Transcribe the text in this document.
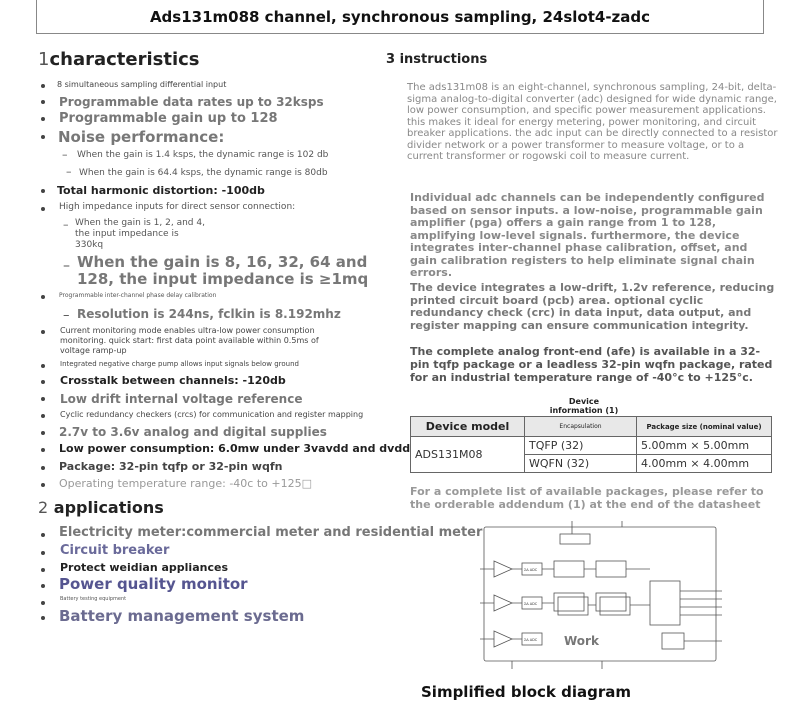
Ads131m088 channel, synchronous sampling, 24slot4-zadc
1characteristics
8 simultaneous sampling differential input
Programmable data rates up to 32ksps
Programmable gain up to 128
Noise performance:
– When the gain is 1.4 ksps, the dynamic range is 102 db
– When the gain is 64.4 ksps, the dynamic range is 80db
Total harmonic distortion: -100db
High impedance inputs for direct sensor connection:
– When the gain is 1, 2, and 4,
the input impedance is
330kq
– When the gain is 8, 16, 32, 64 and
128, the input impedance is ≥1mq
Programmable inter-channel phase delay calibration
– Resolution is 244ns, fclkin is 8.192mhz
Current monitoring mode enables ultra-low power consumption
monitoring. quick start: first data point available within 0.5ms of
voltage ramp-up
Integrated negative charge pump allows input signals below ground
Crosstalk between channels: -120db
Low drift internal voltage reference
Cyclic redundancy checkers (crcs) for communication and register mapping
2.7v to 3.6v analog and digital supplies
Low power consumption: 6.0mw under 3vavdd and dvdd
Package: 32-pin tqfp or 32-pin wqfn
Operating temperature range: -40c to +125□
2 applications
Electricity meter:commercial meter and residential meter
Circuit breaker
Protect weidian appliances
Power quality monitor
Battery testing equipment
Battery management system
3 instructions
The ads131m08 is an eight-channel, synchronous sampling, 24-bit, delta-sigma analog-to-digital converter (adc) designed for wide dynamic range, low power consumption, and specific power measurement applications. this makes it ideal for energy metering, power monitoring, and circuit breaker applications. the adc input can be directly connected to a resistor divider network or a power transformer to measure voltage, or to a current transformer or rogowski coil to measure current.
Individual adc channels can be independently configured based on sensor inputs. a low-noise, programmable gain amplifier (pga) offers a gain range from 1 to 128, amplifying low-level signals. furthermore, the device integrates inter-channel phase calibration, offset, and gain calibration registers to help eliminate signal chain errors.
The device integrates a low-drift, 1.2v reference, reducing printed circuit board (pcb) area. optional cyclic redundancy check (crc) in data input, data output, and register mapping can ensure communication integrity.
The complete analog front-end (afe) is available in a 32-pin tqfp package or a leadless 32-pin wqfn package, rated for an industrial temperature range of -40°c to +125°c.
Device
information (1)
Device model	Encapsulation	Package size (nominal value)
ADS131M08	TQFP (32)	5.00mm × 5.00mm
	WQFN (32)	4.00mm × 4.00mm
For a complete list of available packages, please refer to the orderable addendum (1) at the end of the datasheet
ΣΔ ADC
ΣΔ ADC
ΣΔ ADC Work
Simplified block diagram
